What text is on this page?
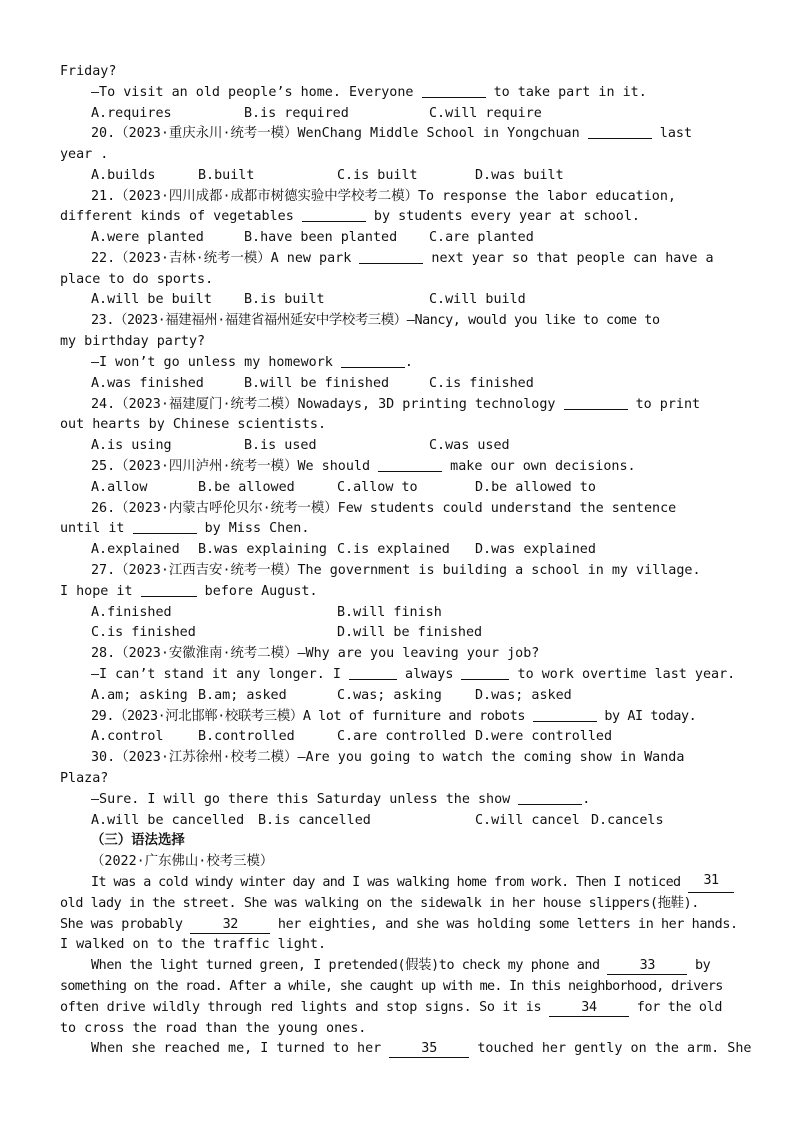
Friday?
—To visit an old people’s home. Everyone	to take part in it.
A.requires	B.is required	C.will require
20.（2023·重庆永川·统考一模）WenChang Middle School in Yongchuan	last
year .
A.builds	B.built	C.is built	D.was built
21.（2023·四川成都·成都市树德实验中学校考二模）To response the labor education,
different kinds of vegetables	by students every year at school.
A.were planted	B.have been planted C.are planted
22.（2023·吉林·统考一模）A new park	next year so that people can have a
place to do sports.
A.will be built B.is built	C.will build
23.（2023·福建福州·福建省福州延安中学校考三模）—Nancy, would you like to come to
my birthday party?
—I won’t go unless my homework	.
A.was finished	B.will be finished	C.is finished
24.（2023·福建厦门·统考二模）Nowadays, 3D printing technology	to print
out hearts by Chinese scientists.
A.is using	B.is used	C.was used
25.（2023·四川泸州·统考一模）We should	make our own decisions.
A.allow	B.be allowed	C.allow to	D.be allowed to
26.（2023·内蒙古呼伦贝尔·统考一模）Few students could understand the sentence
until it	by Miss Chen.
A.explained B.was explaining C.is explained D.was explained
27.（2023·江西吉安·统考一模）The government is building a school in my village.
I hope it	before August.
A.finished	B.will finish
C.is finished	D.will be finished
28.（2023·安徽淮南·统考二模）—Why are you leaving your job?
—I can’t stand it any longer. I	always	to work overtime last year.
A.am; asking B.am; asked	C.was; asking D.was; asked
29.（2023·河北邯郸·校联考三模）A lot of furniture and robots	by AI today.
A.control	B.controlled	C.are controlled D.were controlled
30.（2023·江苏徐州·校考二模）—Are you going to watch the coming show in Wanda
Plaza?
—Sure. I will go there this Saturday unless the show	.
A.will be cancelled B.is cancelled	C.will cancel D.cancels
（三）语法选择
（2022·广东佛山·校考三模）
It was a cold windy winter day and I was walking home from work. Then I noticed	31
old lady in the street. She was walking on the sidewalk in her house slippers(拖鞋).
She was probably 32 her eighties, and she was holding some letters in her hands.
I walked on to the traffic light.
When the light turned green, I pretended(假装)to check my phone and 33 by
something on the road. After a while, she caught up with me. In this neighborhood, drivers
often drive wildly through red lights and stop signs. So it is 34 for the old
to cross the road than the young ones.
When she reached me, I turned to her 35 touched her gently on the arm. She
